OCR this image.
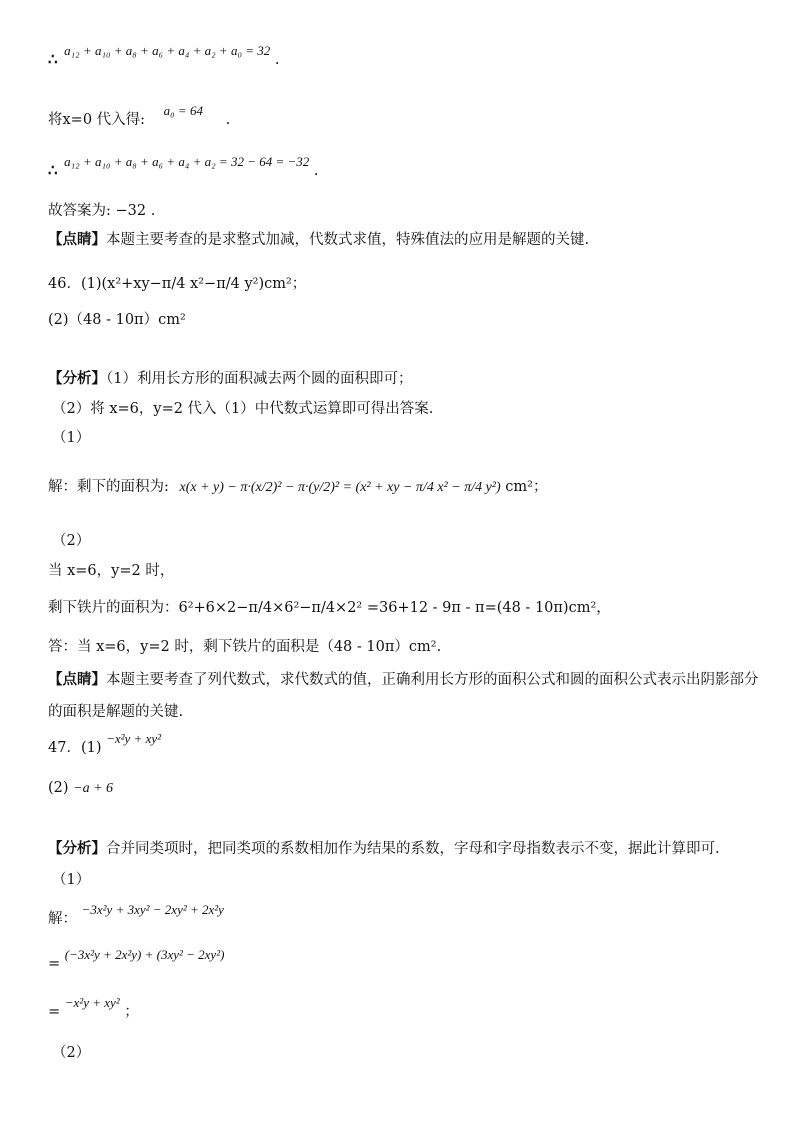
∴ a₁₂ + a₁₀ + a₈ + a₆ + a₄ + a₂ + a₀ = 32 .
将x=0 代入得: a₀ = 64 .
∴ a₁₂ + a₁₀ + a₈ + a₆ + a₄ + a₂ = 32 − 64 = −32 .
故答案为: −32 .
【点睛】本题主要考查的是求整式加减，代数式求值，特殊值法的应用是解题的关键.
46．(1)(x²+xy−π/4 x²−π/4 y²)cm²；
(2)（48 - 10π）cm²
【分析】（1）利用长方形的面积减去两个圆的面积即可；
（2）将 x=6，y=2 代入（1）中代数式运算即可得出答案.
（1）
解：剩下的面积为: x(x + y) − π·(x/2)² − π·(y/2)² = (x² + xy − π/4 x² − π/4 y²) cm²；
（2）
当 x=6，y=2 时，
剩下铁片的面积为：6²+6×2−π/4×6²−π/4×2² =36+12 - 9π - π=(48 - 10π)cm²，
答：当 x=6，y=2 时，剩下铁片的面积是（48 - 10π）cm².
【点睛】本题主要考查了列代数式，求代数式的值，正确利用长方形的面积公式和圆的面积公式表示出阴影部分
的面积是解题的关键.
47．(1) −x²y + xy²
(2) −a + 6
【分析】合并同类项时，把同类项的系数相加作为结果的系数，字母和字母指数表示不变，据此计算即可.
（1）
解： −3x²y + 3xy² − 2xy² + 2x²y
= (−3x²y + 2x²y) + (3xy² − 2xy²)
= −x²y + xy² ；
（2）
